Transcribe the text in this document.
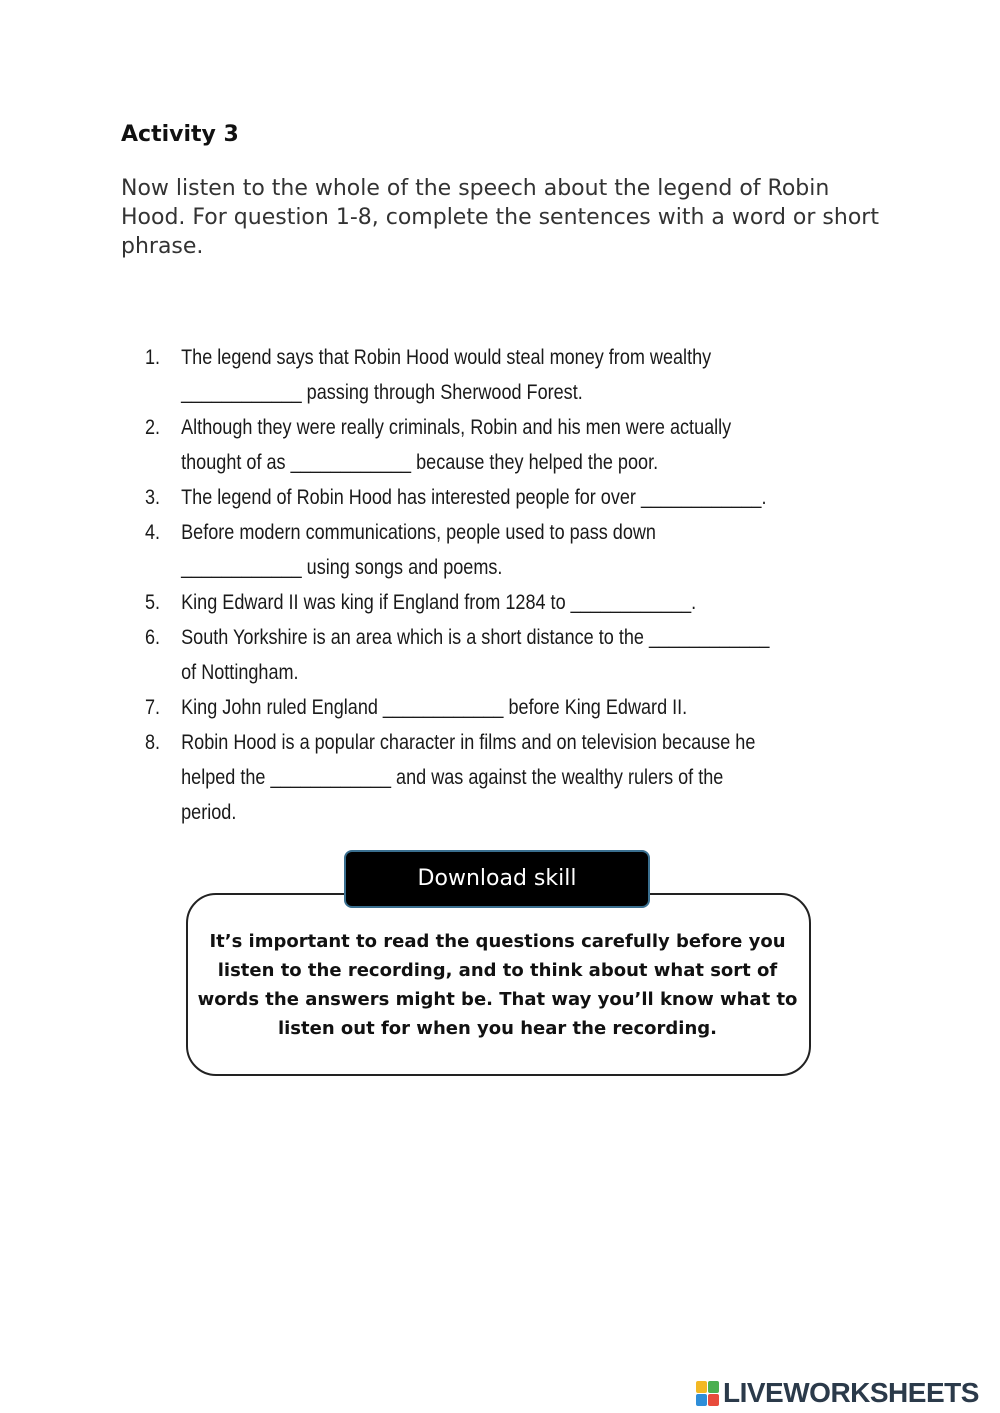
Activity 3
Now listen to the whole of the speech about the legend of Robin Hood. For question 1-8, complete the sentences with a word or short phrase.
1. The legend says that Robin Hood would steal money from wealthy ____________ passing through Sherwood Forest.
2. Although they were really criminals, Robin and his men were actually thought of as ____________ because they helped the poor.
3. The legend of Robin Hood has interested people for over ____________.
4. Before modern communications, people used to pass down ____________ using songs and poems.
5. King Edward II was king if England from 1284 to ____________.
6. South Yorkshire is an area which is a short distance to the ____________ of Nottingham.
7. King John ruled England ____________ before King Edward II.
8. Robin Hood is a popular character in films and on television because he helped the ____________ and was against the wealthy rulers of the period.
Download skill
It’s important to read the questions carefully before you listen to the recording, and to think about what sort of words the answers might be. That way you’ll know what to listen out for when you hear the recording.
LIVEWORKSHEETS
